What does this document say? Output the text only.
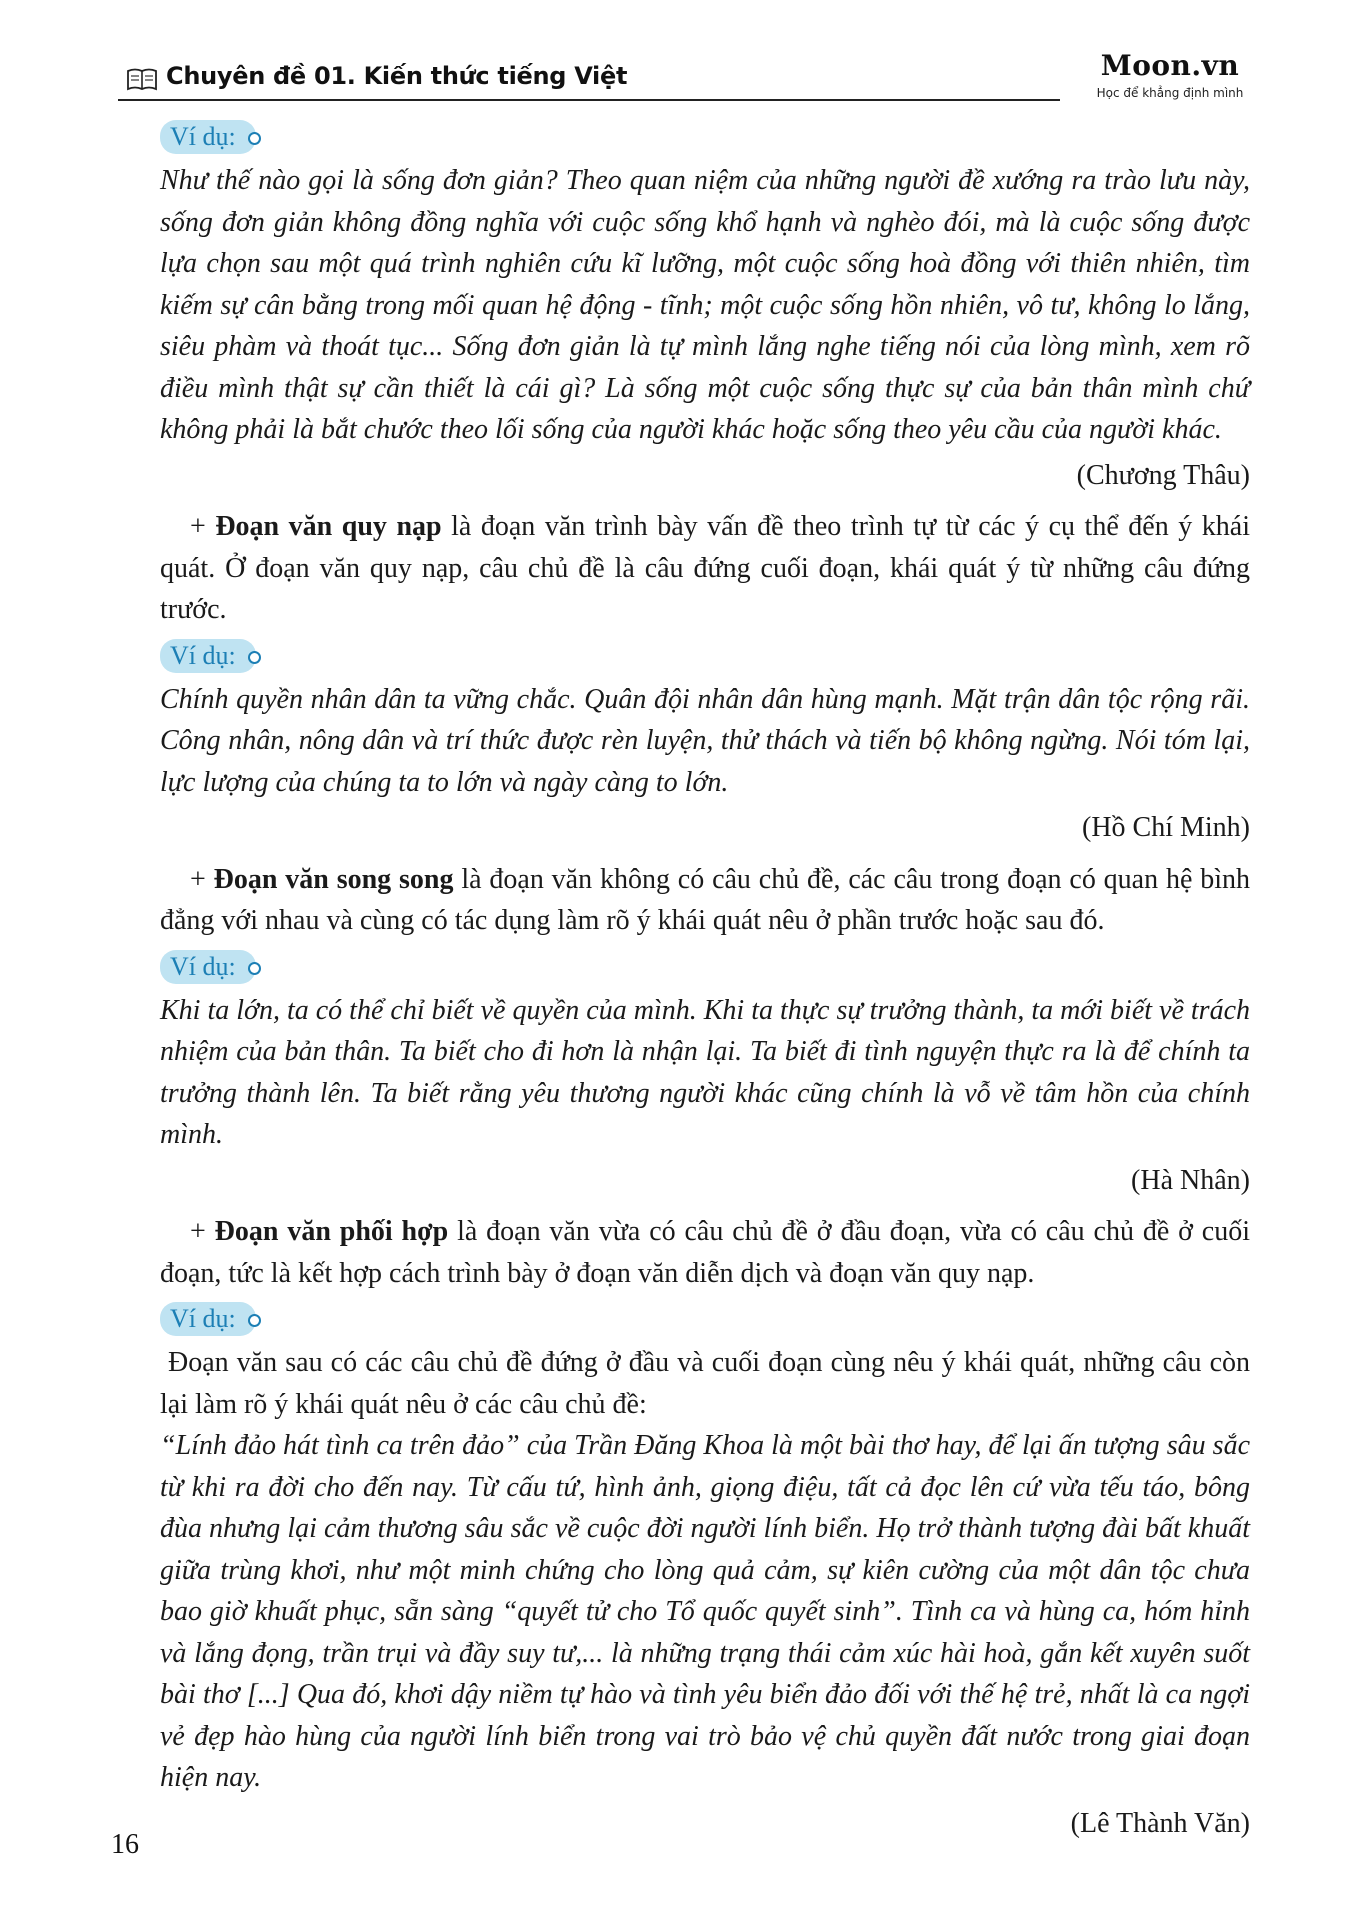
Chuyên đề 01. Kiến thức tiếng Việt	Moon.vn
Học để khẳng định mình
Ví dụ:

Như thế nào gọi là sống đơn giản? Theo quan niệm của những người đề xướng ra trào lưu này, sống đơn giản không đồng nghĩa với cuộc sống khổ hạnh và nghèo đói, mà là cuộc sống được lựa chọn sau một quá trình nghiên cứu kĩ lưỡng, một cuộc sống hoà đồng với thiên nhiên, tìm kiếm sự cân bằng trong mối quan hệ động - tĩnh; một cuộc sống hồn nhiên, vô tư, không lo lắng, siêu phàm và thoát tục... Sống đơn giản là tự mình lắng nghe tiếng nói của lòng mình, xem rõ điều mình thật sự cần thiết là cái gì? Là sống một cuộc sống thực sự của bản thân mình chứ không phải là bắt chước theo lối sống của người khác hoặc sống theo yêu cầu của người khác.

(Chương Thâu)

+ Đoạn văn quy nạp là đoạn văn trình bày vấn đề theo trình tự từ các ý cụ thể đến ý khái quát. Ở đoạn văn quy nạp, câu chủ đề là câu đứng cuối đoạn, khái quát ý từ những câu đứng trước.

Ví dụ:

Chính quyền nhân dân ta vững chắc. Quân đội nhân dân hùng mạnh. Mặt trận dân tộc rộng rãi. Công nhân, nông dân và trí thức được rèn luyện, thử thách và tiến bộ không ngừng. Nói tóm lại, lực lượng của chúng ta to lớn và ngày càng to lớn.

(Hồ Chí Minh)

+ Đoạn văn song song là đoạn văn không có câu chủ đề, các câu trong đoạn có quan hệ bình đẳng với nhau và cùng có tác dụng làm rõ ý khái quát nêu ở phần trước hoặc sau đó.

Ví dụ:

Khi ta lớn, ta có thể chỉ biết về quyền của mình. Khi ta thực sự trưởng thành, ta mới biết về trách nhiệm của bản thân. Ta biết cho đi hơn là nhận lại. Ta biết đi tình nguyện thực ra là để chính ta trưởng thành lên. Ta biết rằng yêu thương người khác cũng chính là vỗ về tâm hồn của chính mình.

(Hà Nhân)

+ Đoạn văn phối hợp là đoạn văn vừa có câu chủ đề ở đầu đoạn, vừa có câu chủ đề ở cuối đoạn, tức là kết hợp cách trình bày ở đoạn văn diễn dịch và đoạn văn quy nạp.

Ví dụ:

Đoạn văn sau có các câu chủ đề đứng ở đầu và cuối đoạn cùng nêu ý khái quát, những câu còn lại làm rõ ý khái quát nêu ở các câu chủ đề:

“Lính đảo hát tình ca trên đảo” của Trần Đăng Khoa là một bài thơ hay, để lại ấn tượng sâu sắc từ khi ra đời cho đến nay. Từ cấu tứ, hình ảnh, giọng điệu, tất cả đọc lên cứ vừa tếu táo, bông đùa nhưng lại cảm thương sâu sắc về cuộc đời người lính biển. Họ trở thành tượng đài bất khuất giữa trùng khơi, như một minh chứng cho lòng quả cảm, sự kiên cường của một dân tộc chưa bao giờ khuất phục, sẵn sàng “quyết tử cho Tổ quốc quyết sinh”. Tình ca và hùng ca, hóm hỉnh và lắng đọng, trần trụi và đầy suy tư,... là những trạng thái cảm xúc hài hoà, gắn kết xuyên suốt bài thơ [...] Qua đó, khơi dậy niềm tự hào và tình yêu biển đảo đối với thế hệ trẻ, nhất là ca ngợi vẻ đẹp hào hùng của người lính biển trong vai trò bảo vệ chủ quyền đất nước trong giai đoạn hiện nay.

(Lê Thành Văn)
16
